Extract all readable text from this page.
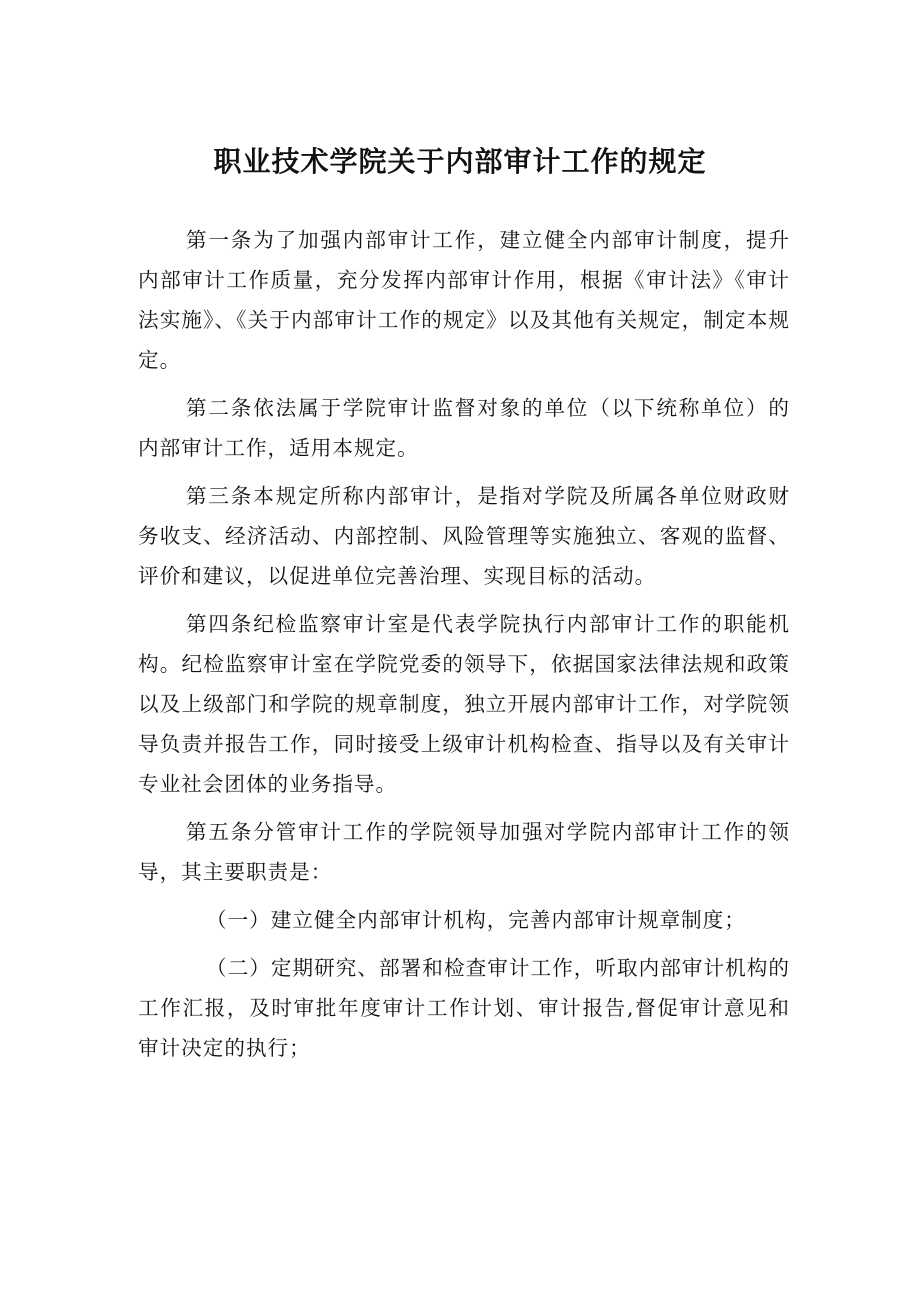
职业技术学院关于内部审计工作的规定

第一条为了加强内部审计工作，建立健全内部审计制度，提升内部审计工作质量，充分发挥内部审计作用，根据《审计法》《审计法实施》、《关于内部审计工作的规定》以及其他有关规定，制定本规定。

第二条依法属于学院审计监督对象的单位（以下统称单位）的内部审计工作，适用本规定。

第三条本规定所称内部审计，是指对学院及所属各单位财政财务收支、经济活动、内部控制、风险管理等实施独立、客观的监督、评价和建议，以促进单位完善治理、实现目标的活动。

第四条纪检监察审计室是代表学院执行内部审计工作的职能机构。纪检监察审计室在学院党委的领导下，依据国家法律法规和政策以及上级部门和学院的规章制度，独立开展内部审计工作，对学院领导负责并报告工作，同时接受上级审计机构检查、指导以及有关审计专业社会团体的业务指导。

第五条分管审计工作的学院领导加强对学院内部审计工作的领导，其主要职责是：

（一）建立健全内部审计机构，完善内部审计规章制度；

（二）定期研究、部署和检查审计工作，听取内部审计机构的工作汇报，及时审批年度审计工作计划、审计报告,督促审计意见和审计决定的执行；
